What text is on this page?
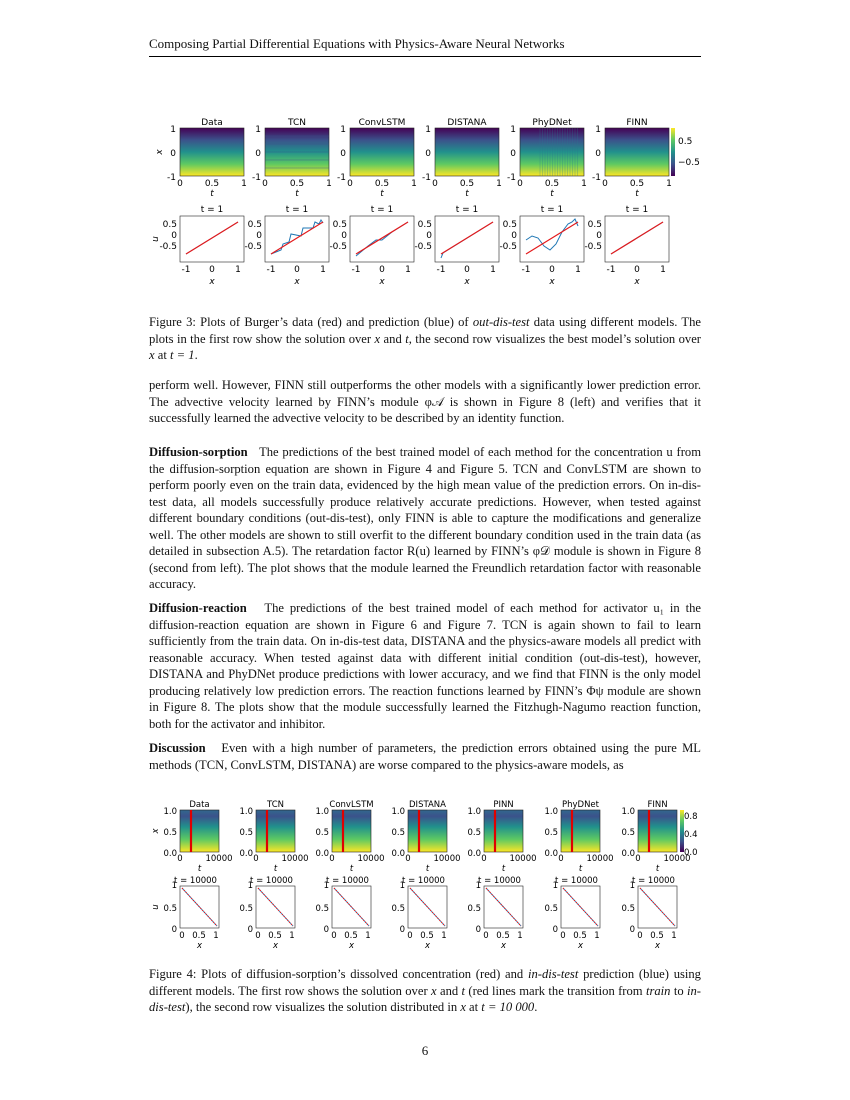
Composing Partial Differential Equations with Physics-Aware Neural Networks
Data
1
0
-1
0 0.5 1
t
x
t = 1
0.5
0
-0.5
-1 0 1
x
u
TCN
1
0
-1
0 0.5 1
t
t = 1
0.5
0
-0.5
-1 0 1
x
ConvLSTM
1
0
-1
0 0.5 1
t
t = 1
0.5
0
-0.5
-1 0 1
x
DISTANA
1
0
-1
0 0.5 1
t
t = 1
0.5
0
-0.5
-1 0 1
x
PhyDNet
1
0
-1
0 0.5 1
t
t = 1
0.5
0
-0.5
-1 0 1
x
FINN
1
0
-1
0 0.5 1
t
t = 1
0.5
0
-0.5
-1 0 1
x
0.5
−0.5
Figure 3: Plots of Burger’s data (red) and prediction (blue) of out-dis-test data using different models. The plots in the first row show the solution over x and t, the second row visualizes the best model’s solution over x at t = 1.
perform well. However, FINN still outperforms the other models with a significantly lower prediction error. The advective velocity learned by FINN’s module φ𝒜 is shown in Figure 8 (left) and verifies that it successfully learned the advective velocity to be described by an identity function.
Diffusion-sorption The predictions of the best trained model of each method for the concentration u from the diffusion-sorption equation are shown in Figure 4 and Figure 5. TCN and ConvLSTM are shown to perform poorly even on the train data, evidenced by the high mean value of the prediction errors. On in-dis-test data, all models successfully produce relatively accurate predictions. However, when tested against different boundary conditions (out-dis-test), only FINN is able to capture the modifications and generalize well. The other models are shown to still overfit to the different boundary condition used in the train data (as detailed in subsection A.5). The retardation factor R(u) learned by FINN’s φ𝒟 module is shown in Figure 8 (second from left). The plot shows that the module learned the Freundlich retardation factor with reasonable accuracy.
Diffusion-reaction The predictions of the best trained model of each method for activator u₁ in the diffusion-reaction equation are shown in Figure 6 and Figure 7. TCN is again shown to fail to learn sufficiently from the train data. On in-dis-test data, DISTANA and the physics-aware models all predict with reasonable accuracy. When tested against data with different initial condition (out-dis-test), however, DISTANA and PhyDNet produce predictions with lower accuracy, and we find that FINN is the only model producing relatively low prediction errors. The reaction functions learned by FINN’s Φψ module are shown in Figure 8. The plots show that the module successfully learned the Fitzhugh-Nagumo reaction function, both for the activator and inhibitor.
Discussion Even with a high number of parameters, the prediction errors obtained using the pure ML methods (TCN, ConvLSTM, DISTANA) are worse compared to the physics-aware models, as
Data
1.0
0.5
0.0 0	10000
t
x
t = 10000
1
0.5
0
0 0.5 1
x
u
TCN
1.0
0.5
0.0 0	10000
t
t = 10000
1
0.5
0
0 0.5 1
x
ConvLSTM
1.0
0.5
0.0 0	10000
t
t = 10000
1
0.5
0
0 0.5 1
x
DISTANA
1.0
0.5
0.0 0	10000
t
t = 10000
1
0.5
0
0 0.5 1
x
PINN
1.0
0.5
0.0 0	10000
t
t = 10000
1
0.5
0
0 0.5 1
x
PhyDNet
1.0
0.5
0.0 0	10000
t
t = 10000
1
0.5
0
0 0.5 1
x
FINN
1.0
0.5
0.0 0	10000
t
t = 10000
1
0.5
0
0 0.5 1
x
0.8
0.4
0.0
Figure 4: Plots of diffusion-sorption’s dissolved concentration (red) and in-dis-test prediction (blue) using different models. The first row shows the solution over x and t (red lines mark the transition from train to in-dis-test), the second row visualizes the solution distributed in x at t = 10 000.
6
